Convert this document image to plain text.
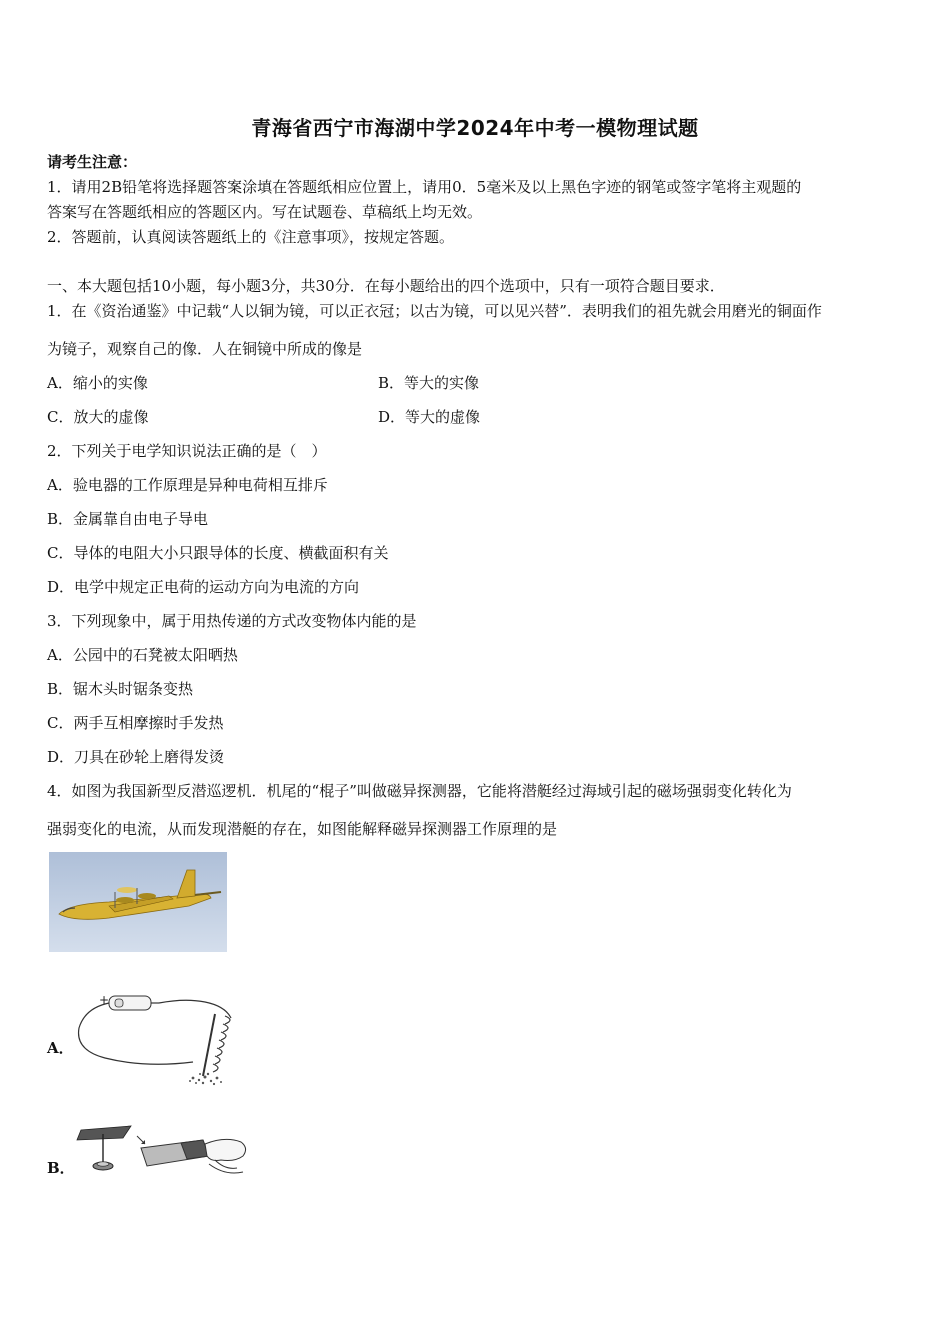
青海省西宁市海湖中学2024年中考一模物理试题
请考生注意：
1．请用2B铅笔将选择题答案涂填在答题纸相应位置上，请用0．5毫米及以上黑色字迹的钢笔或签字笔将主观题的
答案写在答题纸相应的答题区内。写在试题卷、草稿纸上均无效。
2．答题前，认真阅读答题纸上的《注意事项》，按规定答题。
一、本大题包括10小题，每小题3分，共30分．在每小题给出的四个选项中，只有一项符合题目要求．
1．在《资治通鉴》中记载“人以铜为镜，可以正衣冠；以古为镜，可以见兴替”．表明我们的祖先就会用磨光的铜面作
为镜子，观察自己的像．人在铜镜中所成的像是
A．缩小的实像	B．等大的实像
C．放大的虚像	D．等大的虚像
2．下列关于电学知识说法正确的是（　）
A．验电器的工作原理是异种电荷相互排斥
B．金属靠自由电子导电
C．导体的电阻大小只跟导体的长度、横截面积有关
D．电学中规定正电荷的运动方向为电流的方向
3．下列现象中，属于用热传递的方式改变物体内能的是
A．公园中的石凳被太阳晒热
B．锯木头时锯条变热
C．两手互相摩擦时手发热
D．刀具在砂轮上磨得发烫
4．如图为我国新型反潜巡逻机．机尾的“棍子”叫做磁异探测器，它能将潜艇经过海域引起的磁场强弱变化转化为
强弱变化的电流，从而发现潜艇的存在，如图能解释磁异探测器工作原理的是
A．
+
B．
